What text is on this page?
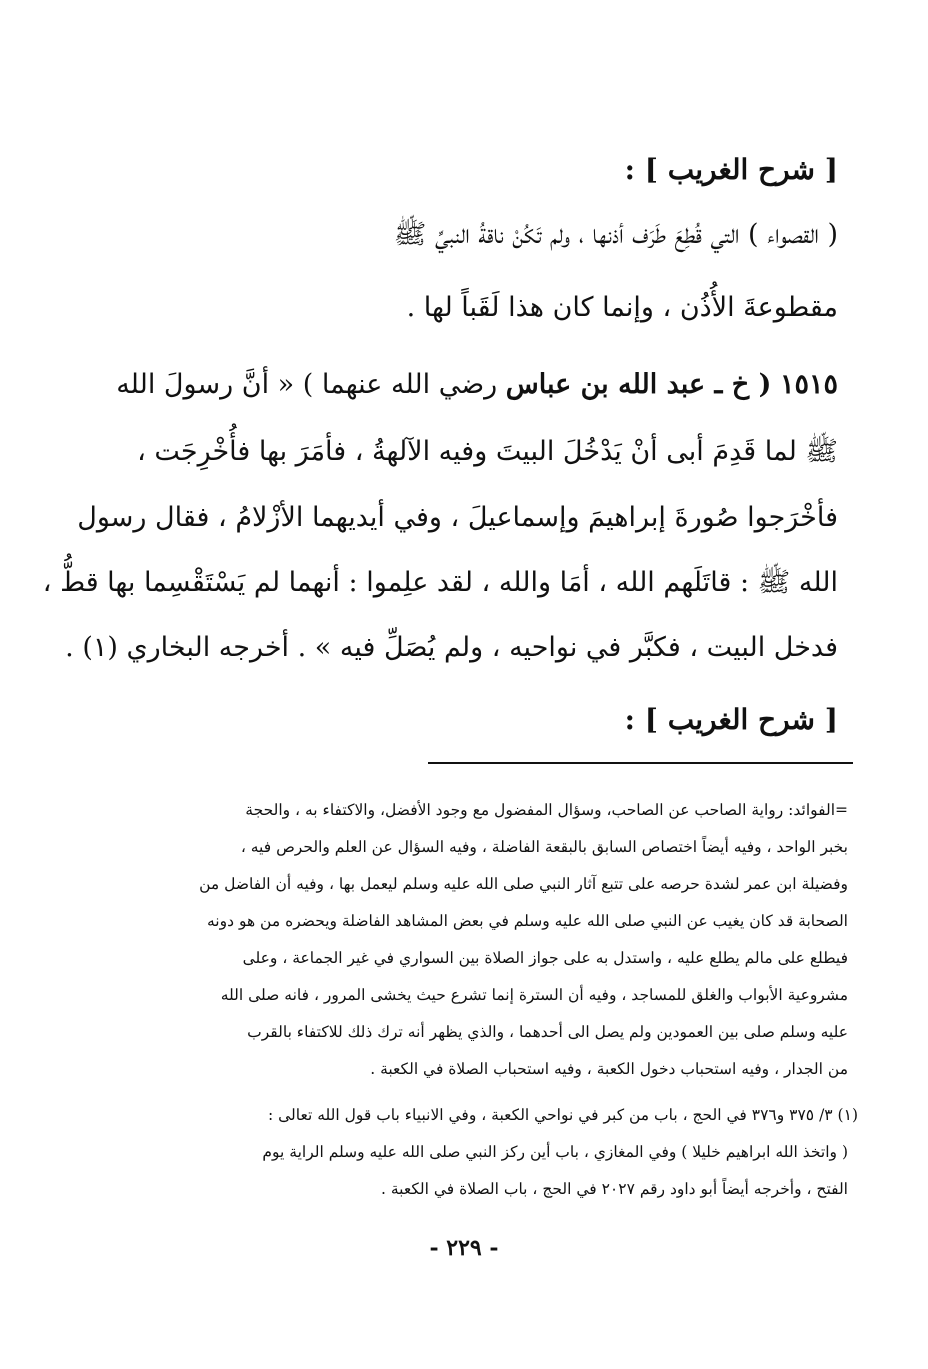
[ شرح الغريب ] :
( القصواء ) التي قُطِعَ طَرَف أذنها ، ولم تَكُنْ ناقةُ النبيِّ ﷺ
مقطوعةَ الأُذُن ، وإنما كان هذا لَقَباً لها .
١٥١٥ ( خ ـ عبد الله بن عباس رضي الله عنهما ) « أنَّ رسولَ الله
ﷺ لما قَدِمَ أبى أنْ يَدْخُلَ البيتَ وفيه الآلهةُ ، فأمَرَ بها فأُخْرِجَت ،
فأخْرَجوا صُورةَ إبراهيمَ وإسماعيلَ ، وفي أيديهما الأزْلامُ ، فقال رسول
الله ﷺ : قاتَلَهم الله ، أمَا والله ، لقد علِموا : أنهما لم يَسْتَقْسِما بها قطُّ ،
فدخل البيت ، فكبَّر في نواحيه ، ولم يُصَلِّ فيه » . أخرجه البخاري (١) .
[ شرح الغريب ] :
=الفوائد: رواية الصاحب عن الصاحب، وسؤال المفضول مع وجود الأفضل، والاكتفاء به ، والحجة
بخبر الواحد ، وفيه أيضاً اختصاص السابق بالبقعة الفاضلة ، وفيه السؤال عن العلم والحرص فيه ،
وفضيلة ابن عمر لشدة حرصه على تتبع آثار النبي صلى الله عليه وسلم ليعمل بها ، وفيه أن الفاضل من
الصحابة قد كان يغيب عن النبي صلى الله عليه وسلم في بعض المشاهد الفاضلة ويحضره من هو دونه
فيطلع على مالم يطلع عليه ، واستدل به على جواز الصلاة بين السواري في غير الجماعة ، وعلى
مشروعية الأبواب والغلق للمساجد ، وفيه أن السترة إنما تشرع حيث يخشى المرور ، فانه صلى الله
عليه وسلم صلى بين العمودين ولم يصل الى أحدهما ، والذي يظهر أنه ترك ذلك للاكتفاء بالقرب
من الجدار ، وفيه استحباب دخول الكعبة ، وفيه استحباب الصلاة في الكعبة .
(١) ٣/ ٣٧٥ و٣٧٦ في الحج ، باب من كبر في نواحي الكعبة ، وفي الانبياء باب قول الله تعالى :
( واتخذ الله ابراهيم خليلا ) وفي المغازي ، باب أين ركز النبي صلى الله عليه وسلم الراية يوم
الفتح ، وأخرجه أيضاً أبو داود رقم ٢٠٢٧ في الحج ، باب الصلاة في الكعبة .
- ٢٢٩ -
